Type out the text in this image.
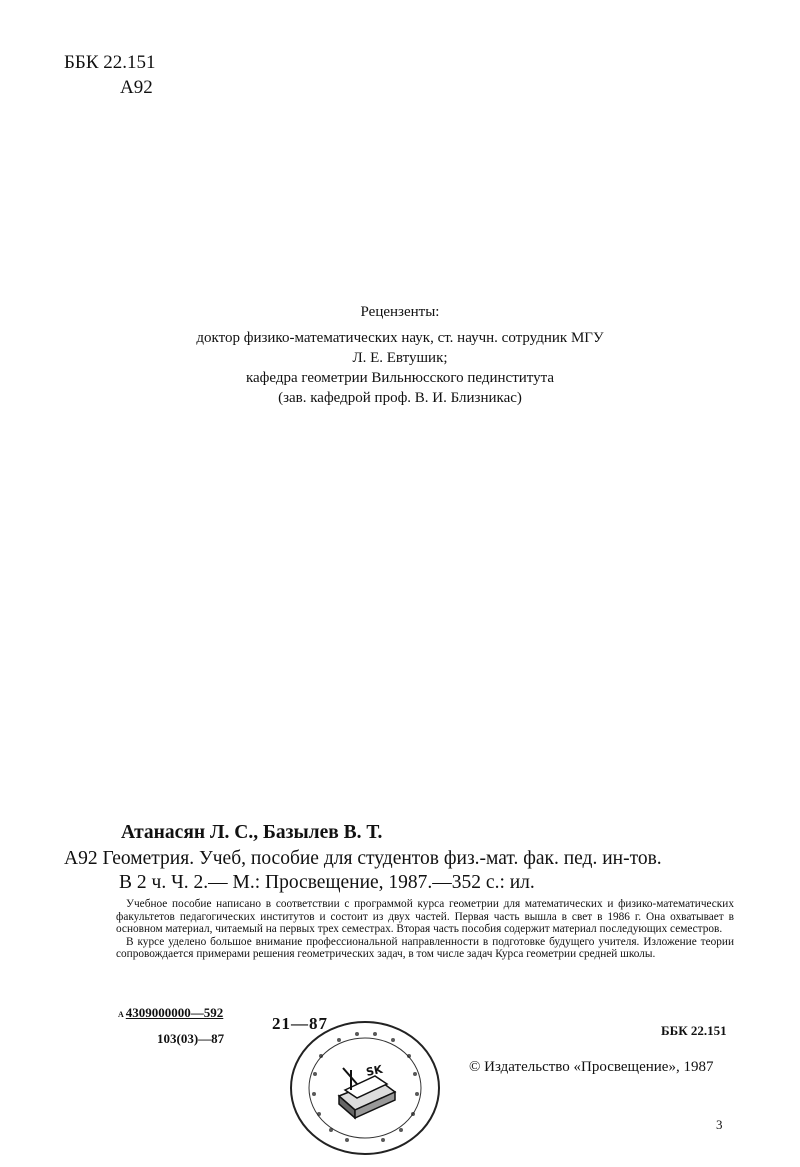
ББК 22.151
А92
Рецензенты:
доктор физико-математических наук, ст. научн. сотрудник МГУ
Л. Е. Евтушик;
кафедра геометрии Вильнюсского пединститута
(зав. кафедрой проф. В. И. Близникас)
Атанасян Л. С., Базылев В. Т.
А92 Геометрия. Учеб, пособие для студентов физ.-мат. фак. пед. ин-тов.
В 2 ч. Ч. 2.— М.: Просвещение, 1987.—352 с.: ил.

Учебное пособие написано в соответствии с программой курса геометрии для математических и физико-математических факультетов педагогических институтов и состоит из двух частей. Первая часть вышла в свет в 1986 г. Она охватывает в основном материал, читаемый на первых трех семестрах. Вторая часть пособия содержит материал последующих семестров.

В курсе уделено большое внимание профессиональной направленности в подготовке будущего учителя. Изложение теории сопровождается примерами решения геометрических задач, в том числе задач Курса геометрии средней школы.

А 4309000000—592
103(03)—87
21—87
SK
ББК 22.151
© Издательство «Просвещение», 1987
3
